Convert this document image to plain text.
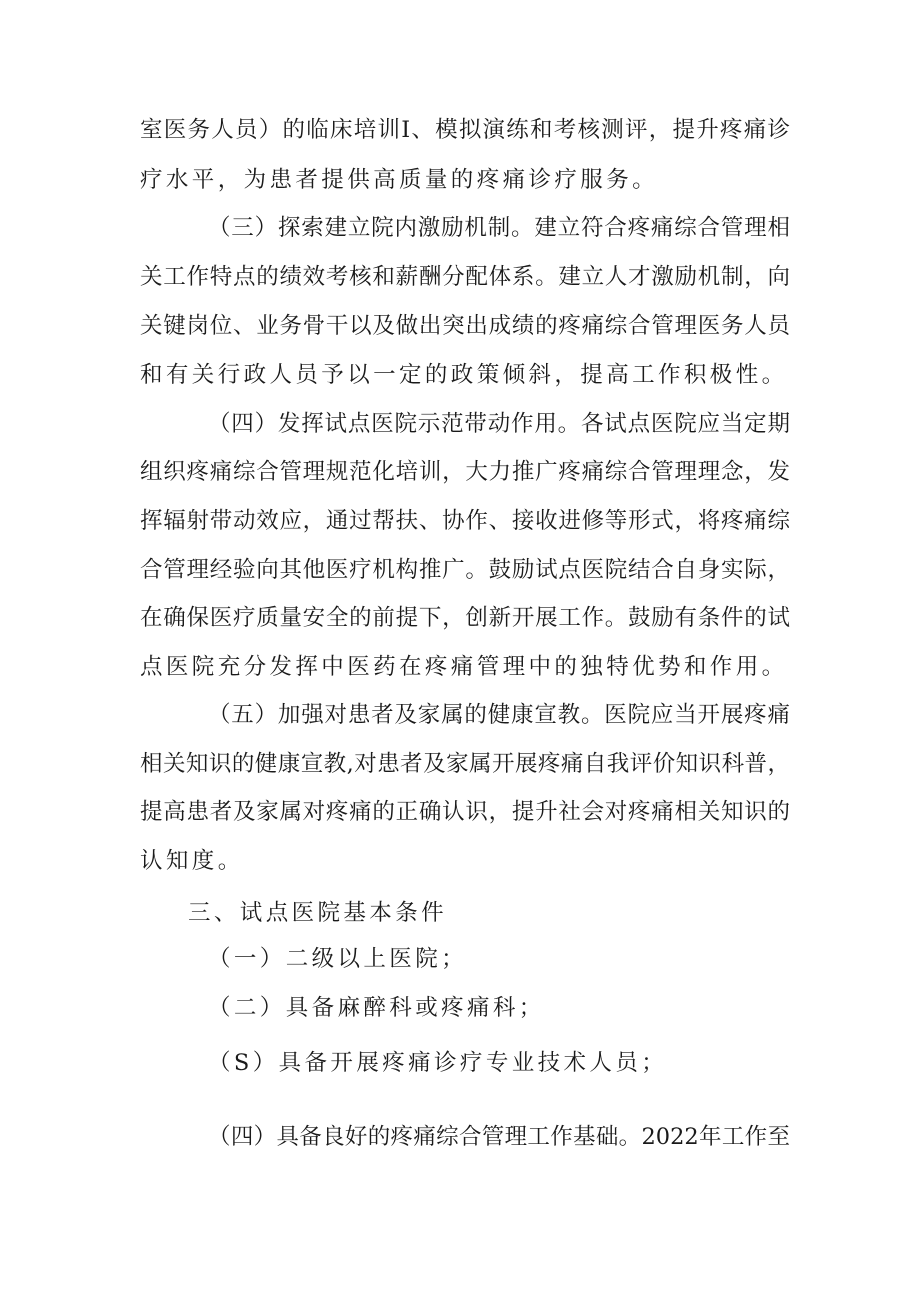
室医务人员）的临床培训I、模拟演练和考核测评，提升疼痛诊
疗水平，为患者提供高质量的疼痛诊疗服务。
（三）探索建立院内激励机制。建立符合疼痛综合管理相
关工作特点的绩效考核和薪酬分配体系。建立人才激励机制，向
关键岗位、业务骨干以及做出突出成绩的疼痛综合管理医务人员
和有关行政人员予以一定的政策倾斜，提高工作积极性。
（四）发挥试点医院示范带动作用。各试点医院应当定期
组织疼痛综合管理规范化培训，大力推广疼痛综合管理理念，发
挥辐射带动效应，通过帮扶、协作、接收进修等形式，将疼痛综
合管理经验向其他医疗机构推广。鼓励试点医院结合自身实际，
在确保医疗质量安全的前提下，创新开展工作。鼓励有条件的试
点医院充分发挥中医药在疼痛管理中的独特优势和作用。
（五）加强对患者及家属的健康宣教。医院应当开展疼痛
相关知识的健康宣教,对患者及家属开展疼痛自我评价知识科普，
提高患者及家属对疼痛的正确认识，提升社会对疼痛相关知识的
认知度。
三、试点医院基本条件
（一）二级以上医院；
（二）具备麻醉科或疼痛科；
（S）具备开展疼痛诊疗专业技术人员；
（四）具备良好的疼痛综合管理工作基础。2022年工作至
